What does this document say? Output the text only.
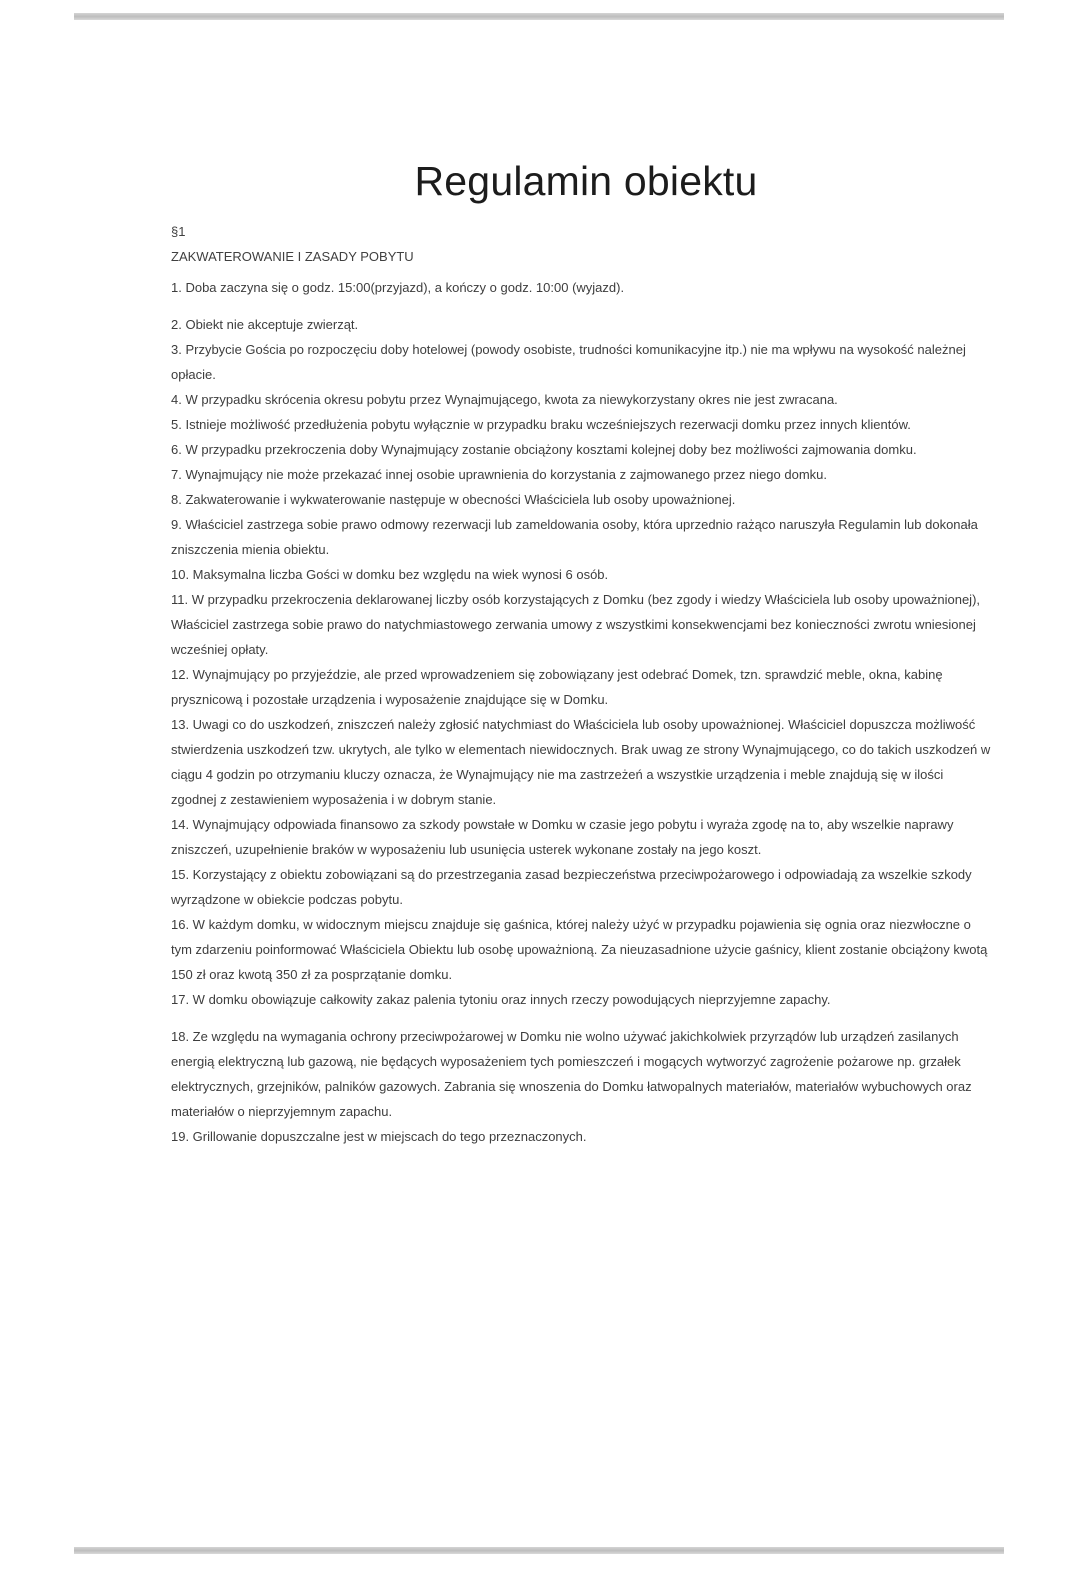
Regulamin obiektu
§1
ZAKWATEROWANIE I ZASADY POBYTU
1. Doba zaczyna się o godz. 15:00(przyjazd), a kończy o godz. 10:00 (wyjazd).
2. Obiekt nie akceptuje zwierząt.
3. Przybycie Gościa po rozpoczęciu doby hotelowej (powody osobiste, trudności komunikacyjne itp.) nie ma wpływu na wysokość należnej opłacie.
4. W przypadku skrócenia okresu pobytu przez Wynajmującego, kwota za niewykorzystany okres nie jest zwracana.
5. Istnieje możliwość przedłużenia pobytu wyłącznie w przypadku braku wcześniejszych rezerwacji domku przez innych klientów.
6. W przypadku przekroczenia doby Wynajmujący zostanie obciążony kosztami kolejnej doby bez możliwości zajmowania domku.
7. Wynajmujący nie może przekazać innej osobie uprawnienia do korzystania z zajmowanego przez niego domku.
8. Zakwaterowanie i wykwaterowanie następuje w obecności Właściciela lub osoby upoważnionej.
9. Właściciel zastrzega sobie prawo odmowy rezerwacji lub zameldowania osoby, która uprzednio rażąco naruszyła Regulamin lub dokonała zniszczenia mienia obiektu.
10. Maksymalna liczba Gości w domku bez względu na wiek wynosi 6 osób.
11. W przypadku przekroczenia deklarowanej liczby osób korzystających z Domku (bez zgody i wiedzy Właściciela lub osoby upoważnionej), Właściciel zastrzega sobie prawo do natychmiastowego zerwania umowy z wszystkimi konsekwencjami bez konieczności zwrotu wniesionej wcześniej opłaty.
12. Wynajmujący po przyjeździe, ale przed wprowadzeniem się zobowiązany jest odebrać Domek, tzn. sprawdzić meble, okna, kabinę prysznicową i pozostałe urządzenia i wyposażenie znajdujące się w Domku.
13. Uwagi co do uszkodzeń, zniszczeń należy zgłosić natychmiast do Właściciela lub osoby upoważnionej. Właściciel dopuszcza możliwość stwierdzenia uszkodzeń tzw. ukrytych, ale tylko w elementach niewidocznych. Brak uwag ze strony Wynajmującego, co do takich uszkodzeń w ciągu 4 godzin po otrzymaniu kluczy oznacza, że Wynajmujący nie ma zastrzeżeń a wszystkie urządzenia i meble znajdują się w ilości zgodnej z zestawieniem wyposażenia i w dobrym stanie.
14. Wynajmujący odpowiada finansowo za szkody powstałe w Domku w czasie jego pobytu i wyraża zgodę na to, aby wszelkie naprawy zniszczeń, uzupełnienie braków w wyposażeniu lub usunięcia usterek wykonane zostały na jego koszt.
15. Korzystający z obiektu zobowiązani są do przestrzegania zasad bezpieczeństwa przeciwpożarowego i odpowiadają za wszelkie szkody wyrządzone w obiekcie podczas pobytu.
16. W każdym domku, w widocznym miejscu znajduje się gaśnica, której należy użyć w przypadku pojawienia się ognia oraz niezwłoczne o tym zdarzeniu poinformować Właściciela Obiektu lub osobę upoważnioną. Za nieuzasadnione użycie gaśnicy, klient zostanie obciążony kwotą 150 zł oraz kwotą 350 zł za posprzątanie domku.
17. W domku obowiązuje całkowity zakaz palenia tytoniu oraz innych rzeczy powodujących nieprzyjemne zapachy.
18. Ze względu na wymagania ochrony przeciwpożarowej w Domku nie wolno używać jakichkolwiek przyrządów lub urządzeń zasilanych energią elektryczną lub gazową, nie będących wyposażeniem tych pomieszczeń i mogących wytworzyć zagrożenie pożarowe np. grzałek elektrycznych, grzejników, palników gazowych. Zabrania się wnoszenia do Domku łatwopalnych materiałów, materiałów wybuchowych oraz materiałów o nieprzyjemnym zapachu.
19. Grillowanie dopuszczalne jest w miejscach do tego przeznaczonych.
